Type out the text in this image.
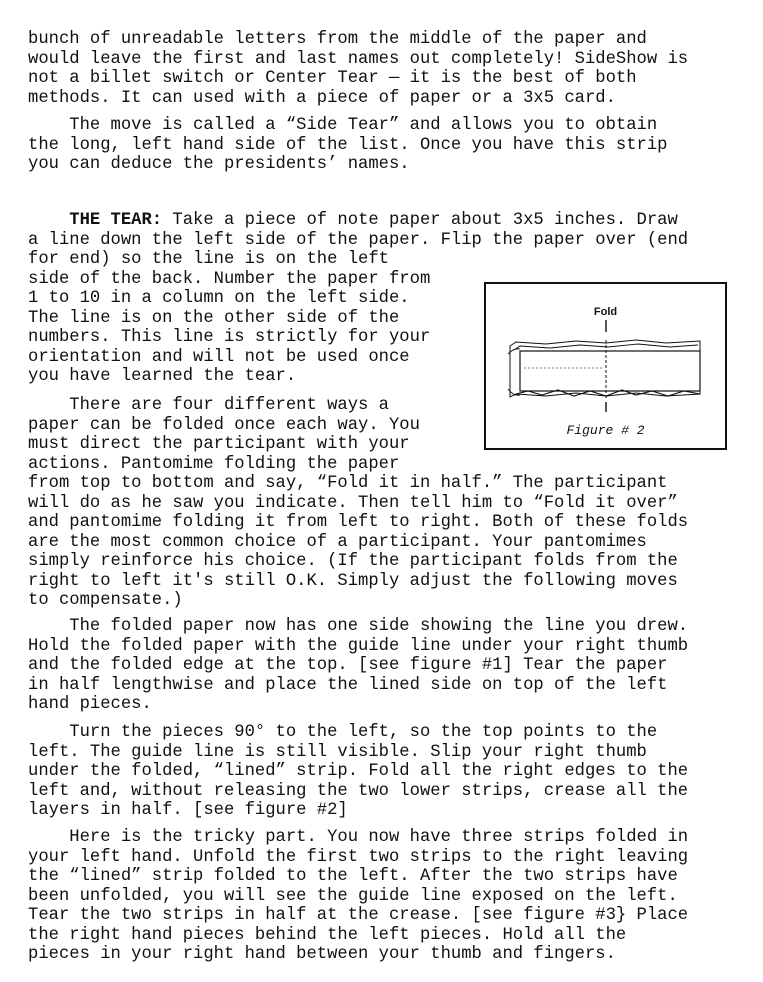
bunch of unreadable letters from the middle of the paper and
would leave the first and last names out completely! SideShow is
not a billet switch or Center Tear — it is the best of both
methods. It can used with a piece of paper or a 3x5 card.
The move is called a “Side Tear” and allows you to obtain
the long, left hand side of the list. Once you have this strip
you can deduce the presidents’ names.
THE TEAR: Take a piece of note paper about 3x5 inches. Draw
a line down the left side of the paper. Flip the paper over (end
for end) so the line is on the left
side of the back. Number the paper from
1 to 10 in a column on the left side.
The line is on the other side of the
numbers. This line is strictly for your
orientation and will not be used once
you have learned the tear.
There are four different ways a
paper can be folded once each way. You
must direct the participant with your
actions. Pantomime folding the paper
from top to bottom and say, “Fold it in half.” The participant
will do as he saw you indicate. Then tell him to “Fold it over”
and pantomime folding it from left to right. Both of these folds
are the most common choice of a participant. Your pantomimes
simply reinforce his choice. (If the participant folds from the
right to left it's still O.K. Simply adjust the following moves
to compensate.)
The folded paper now has one side showing the line you drew.
Hold the folded paper with the guide line under your right thumb
and the folded edge at the top. [see figure #1] Tear the paper
in half lengthwise and place the lined side on top of the left
hand pieces.
Turn the pieces 90° to the left, so the top points to the
left. The guide line is still visible. Slip your right thumb
under the folded, “lined” strip. Fold all the right edges to the
left and, without releasing the two lower strips, crease all the
layers in half. [see figure #2]
Here is the tricky part. You now have three strips folded in
your left hand. Unfold the first two strips to the right leaving
the “lined” strip folded to the left. After the two strips have
been unfolded, you will see the guide line exposed on the left.
Tear the two strips in half at the crease. [see figure #3} Place
the right hand pieces behind the left pieces. Hold all the
pieces in your right hand between your thumb and fingers.
Fold
Figure # 2
